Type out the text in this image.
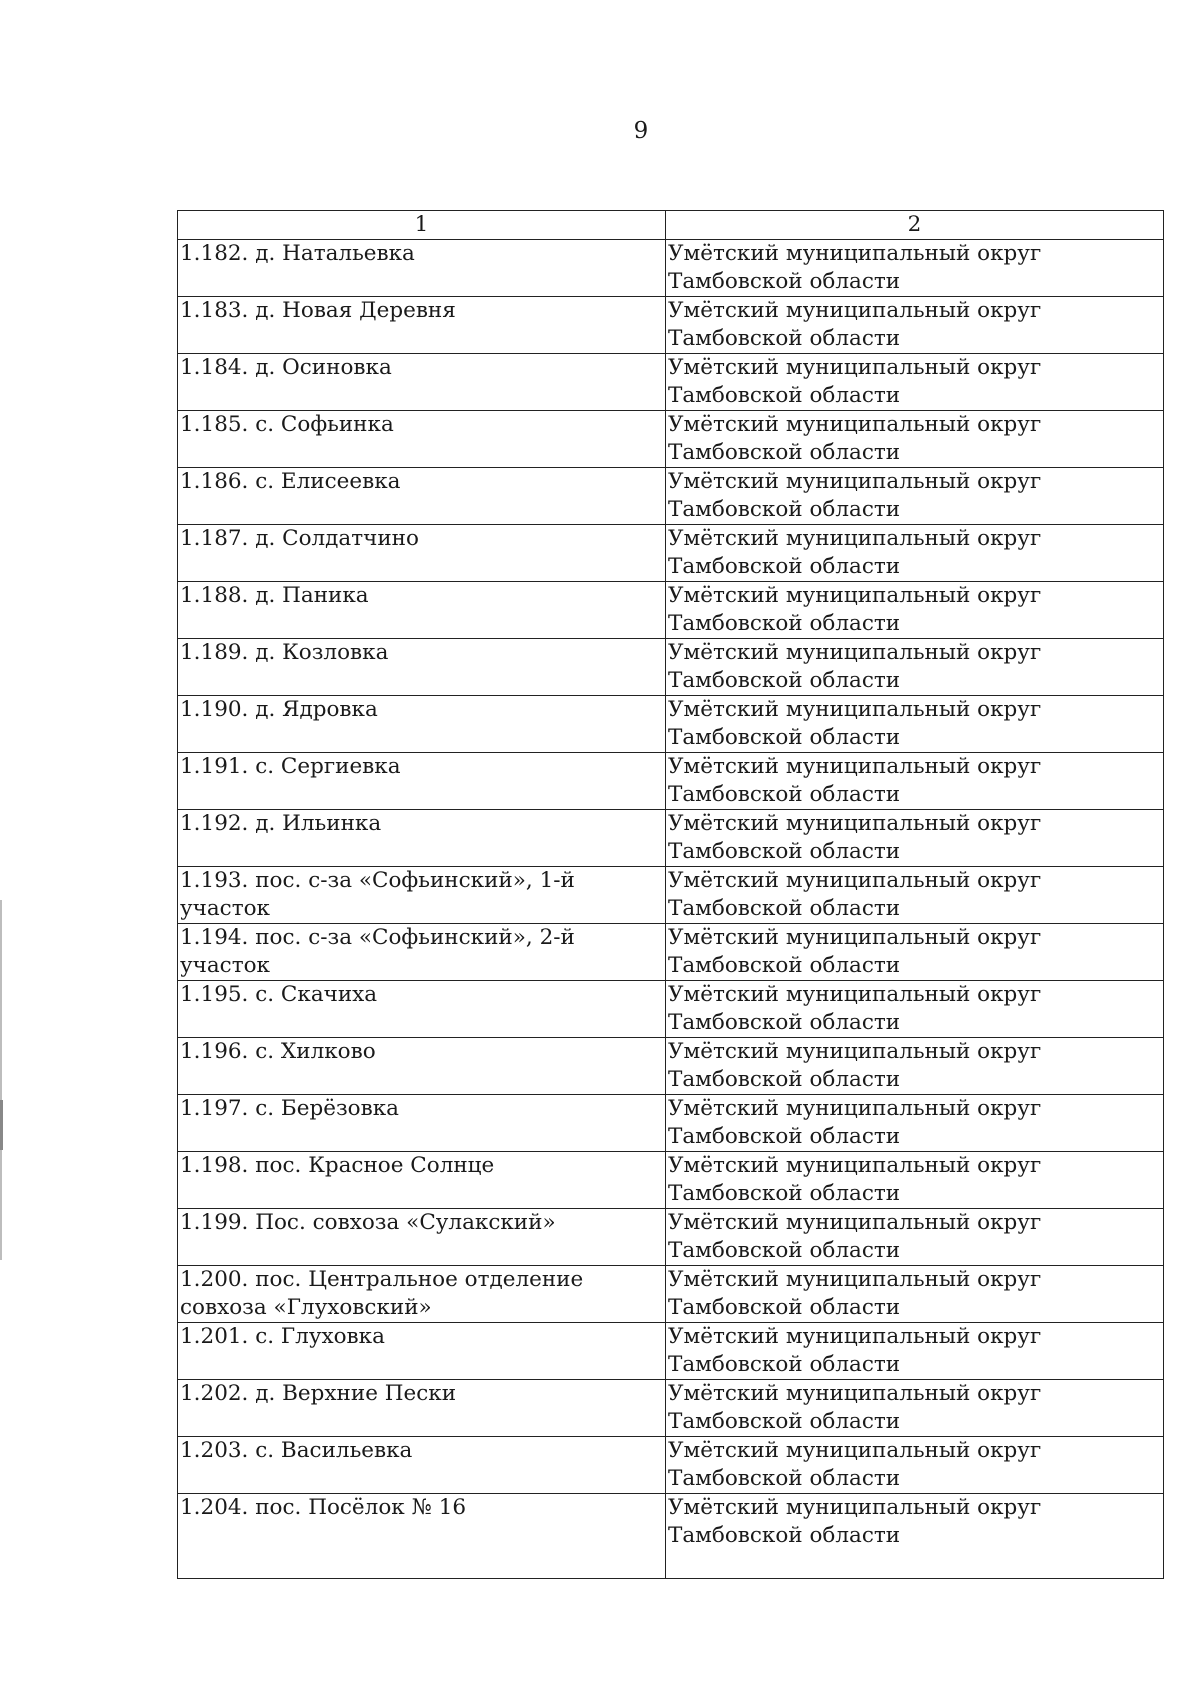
9
1	2
1.182. д. Натальевка	Умётский муниципальный округ Тамбовской области
1.183. д. Новая Деревня	Умётский муниципальный округ Тамбовской области
1.184. д. Осиновка	Умётский муниципальный округ Тамбовской области
1.185. с. Софьинка	Умётский муниципальный округ Тамбовской области
1.186. с. Елисеевка	Умётский муниципальный округ Тамбовской области
1.187. д. Солдатчино	Умётский муниципальный округ Тамбовской области
1.188. д. Паника	Умётский муниципальный округ Тамбовской области
1.189. д. Козловка	Умётский муниципальный округ Тамбовской области
1.190. д. Ядровка	Умётский муниципальный округ Тамбовской области
1.191. с. Сергиевка	Умётский муниципальный округ Тамбовской области
1.192. д. Ильинка	Умётский муниципальный округ Тамбовской области
1.193. пос. с-за «Софьинский», 1-й участок	Умётский муниципальный округ Тамбовской области
1.194. пос. с-за «Софьинский», 2-й участок	Умётский муниципальный округ Тамбовской области
1.195. с. Скачиха	Умётский муниципальный округ Тамбовской области
1.196. с. Хилково	Умётский муниципальный округ Тамбовской области
1.197. с. Берёзовка	Умётский муниципальный округ Тамбовской области
1.198. пос. Красное Солнце	Умётский муниципальный округ Тамбовской области
1.199. Пос. совхоза «Сулакский»	Умётский муниципальный округ Тамбовской области
1.200. пос. Центральное отделение совхоза «Глуховский»	Умётский муниципальный округ Тамбовской области
1.201. с. Глуховка	Умётский муниципальный округ Тамбовской области
1.202. д. Верхние Пески	Умётский муниципальный округ Тамбовской области
1.203. с. Васильевка	Умётский муниципальный округ Тамбовской области
1.204. пос. Посёлок № 16	Умётский муниципальный округ Тамбовской области
